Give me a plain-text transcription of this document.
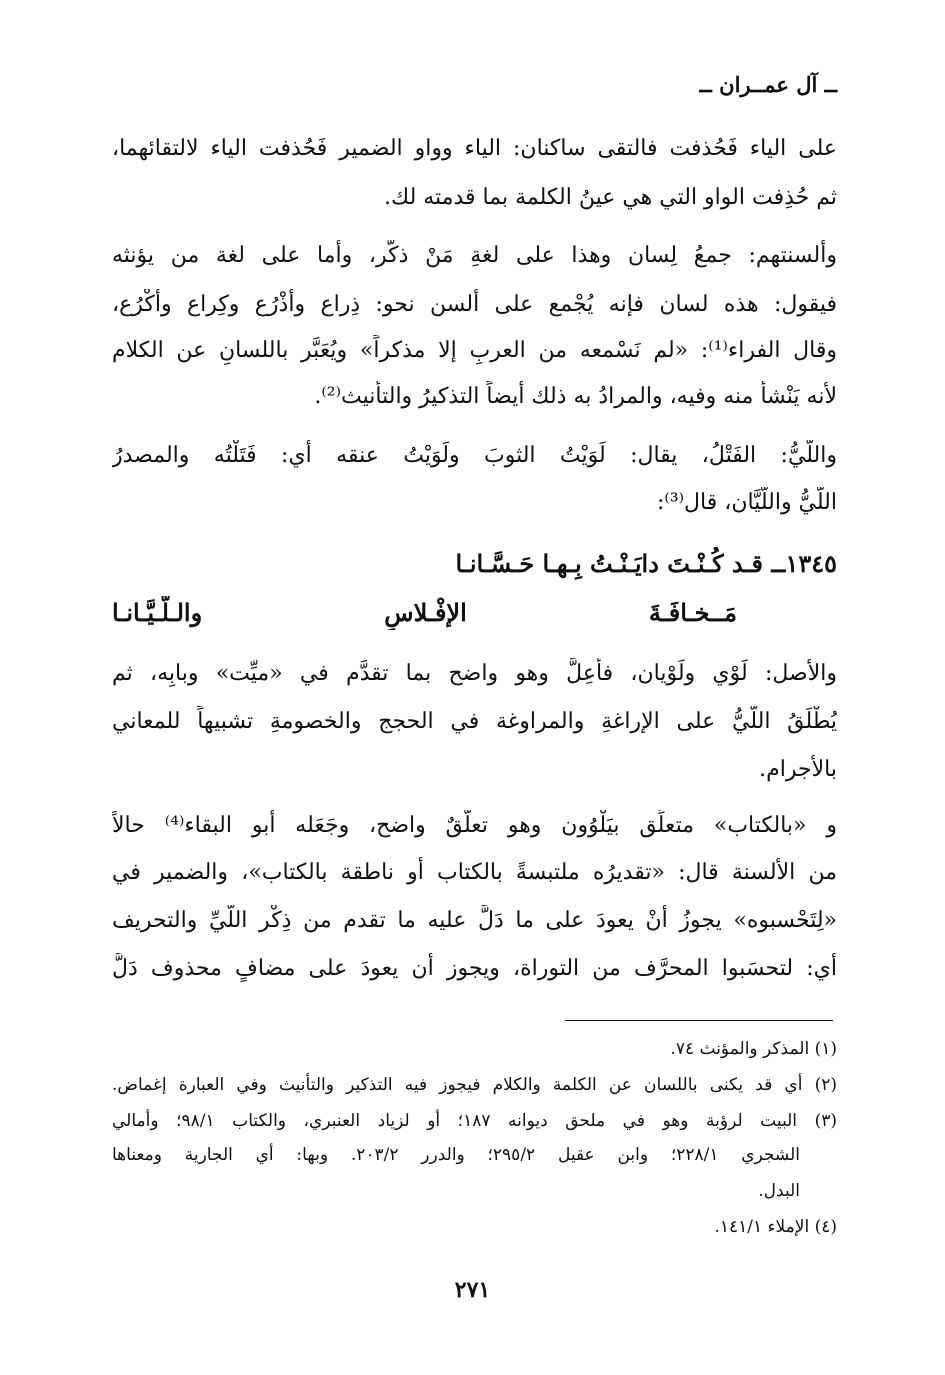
ــ آل عمــران ــ
على الياء فَحُذفت فالتقى ساكنان: الياء وواو الضمير فَحُذفت الياء لالتقائهما،
ثم حُذِفت الواو التي هي عينُ الكلمة بما قدمته لك.
وألسنتهم: جمعُ لِسان وهذا على لغةِ مَنْ ذكَّر، وأما على لغة من يؤنثه
فيقول: هذه لسان فإنه يُجْمع على ألسن نحو: ذِراع وأَذْرُع وكِراع وأَكْرُع،
وقال الفراء⁽¹⁾: «لم نَسْمعه من العربِ إلا مذكراً» ويُعَبَّر باللسانِ عن الكلام
لأنه يَنْشأ منه وفيه، والمرادُ به ذلك أيضاً التذكيرُ والتأنيث⁽²⁾.
واللَّيُّ: الفَتْلُ، يقال: لَوَيْتُ الثوبَ ولَوَيْتُ عنقه أي: فَتَلْتُه والمصدرُ
اللَّيُّ واللَّيَّان، قال⁽³⁾:
١٣٤٥ــ قـد كُـنْـتَ دايَـنْـتُ بِـهـا حَـسَّـانـا
مَــخـافَـةَ الإفْـلاسِ والـلَّـيَّـانـا
والأصل: لَوْي ولَوْيان، فأُعِلَّ وهو واضح بما تقدَّم في «ميِّت» وبابِه، ثم
يُطْلَقُ اللَّيُّ على الإراغةِ والمراوغة في الحجج والخصومةِ تشبيهاً للمعاني
بالأجرام.
و «بالكتاب» متعلِّق بيَلْوُون وهو تعلُّقٌ واضح، وجَعَله أبو البقاء⁽⁴⁾ حالاً
من الألسنة قال: «تقديرُه ملتبسةً بالكتاب أو ناطقة بالكتاب»، والضمير في
«لِتَحْسبوه» يجوزُ أَنْ يعودَ على ما دَلَّ عليه ما تقدم من ذِكْر اللَّيِّ والتحريف
أي: لتحسَبوا المحرَّف من التوراة، ويجوز أن يعودَ على مضافٍ محذوف دَلَّ
(١) المذكر والمؤنث ٧٤.
(٢) أي قد يكنى باللسان عن الكلمة والكلام فيجوز فيه التذكير والتأنيث وفي العبارة إغماض.
(٣) البيت لرؤبة وهو في ملحق ديوانه ١٨٧؛ أو لزياد العنبري، والكتاب ٩٨/١؛ وأمالي
الشجري ٢٢٨/١؛ وابن عقيل ٢٩٥/٢؛ والدرر ٢٠٣/٢. وبها: أي الجارية ومعناها
البدل.
(٤) الإملاء ١٤١/١.
٢٧١
